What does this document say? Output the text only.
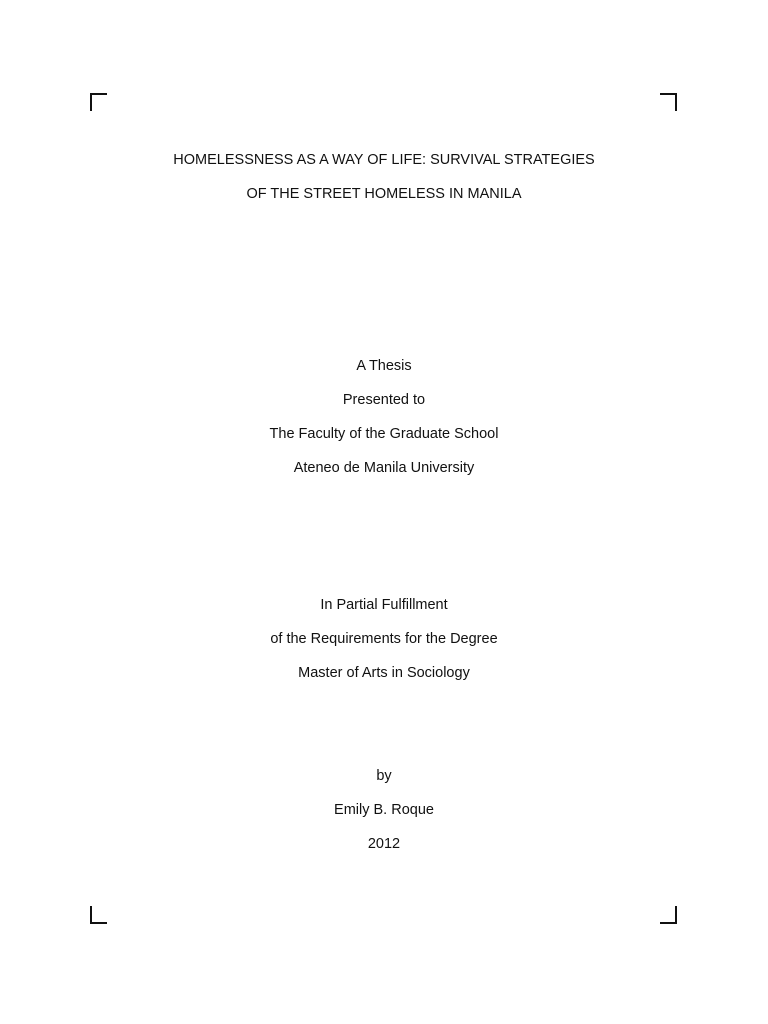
HOMELESSNESS AS A WAY OF LIFE: SURVIVAL STRATEGIES
OF THE STREET HOMELESS IN MANILA
A Thesis
Presented to
The Faculty of the Graduate School
Ateneo de Manila University
In Partial Fulfillment
of the Requirements for the Degree
Master of Arts in Sociology
by
Emily B. Roque
2012
